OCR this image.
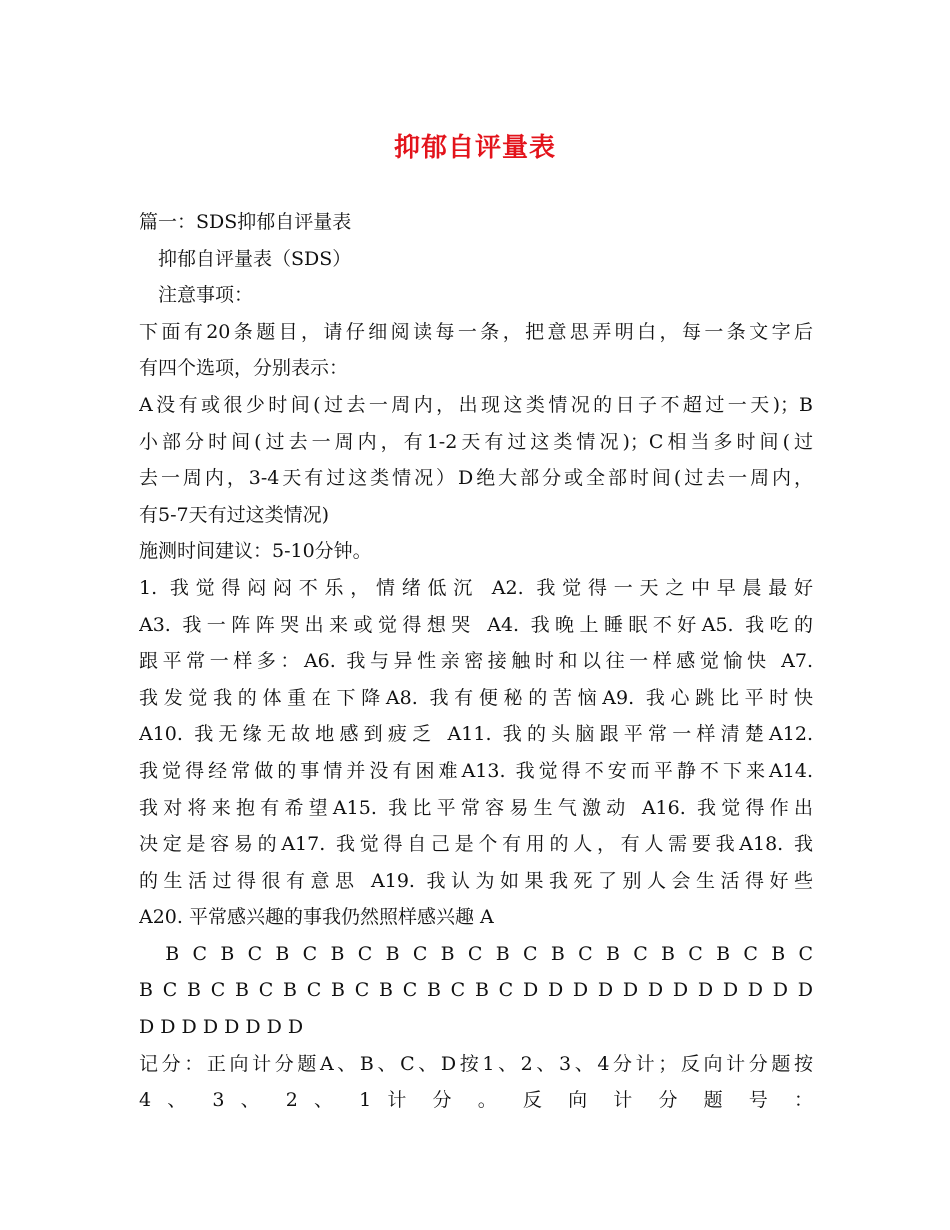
抑郁自评量表
篇一：SDS抑郁自评量表
　抑郁自评量表（SDS）
　注意事项：
下面有20条题目，请仔细阅读每一条，把意思弄明白，每一条文字后
有四个选项，分别表示：
A没有或很少时间(过去一周内，出现这类情况的日子不超过一天)；B
小部分时间(过去一周内，有1-2天有过这类情况)；C相当多时间(过
去一周内，3-4天有过这类情况）D绝大部分或全部时间(过去一周内，
有5-7天有过这类情况)
施测时间建议：5-10分钟。
1. 我觉得闷闷不乐，情绪低沉 A2. 我觉得一天之中早晨最好
A3. 我一阵阵哭出来或觉得想哭 A4. 我晚上睡眠不好A5. 我吃的
跟平常一样多：A6. 我与异性亲密接触时和以往一样感觉愉快 A7.
我发觉我的体重在下降A8. 我有便秘的苦恼A9. 我心跳比平时快
A10. 我无缘无故地感到疲乏 A11. 我的头脑跟平常一样清楚A12.
我觉得经常做的事情并没有困难A13. 我觉得不安而平静不下来A14.
我对将来抱有希望A15. 我比平常容易生气激动 A16. 我觉得作出
决定是容易的A17. 我觉得自己是个有用的人，有人需要我A18. 我
的生活过得很有意思 A19. 我认为如果我死了别人会生活得好些
A20. 平常感兴趣的事我仍然照样感兴趣 A
　B C B C B C B C B C B C B C B C B C B C B C B C
B C B C B C B C B C B C B C B C D D D D D D D D D D D D
D D D D D D D D
记分：正向计分题A、B、C、D按1、2、3、4分计；反向计分题按
4 、 3 、 2 、 1 计 分 。 反 向 计 分 题 号 ：
